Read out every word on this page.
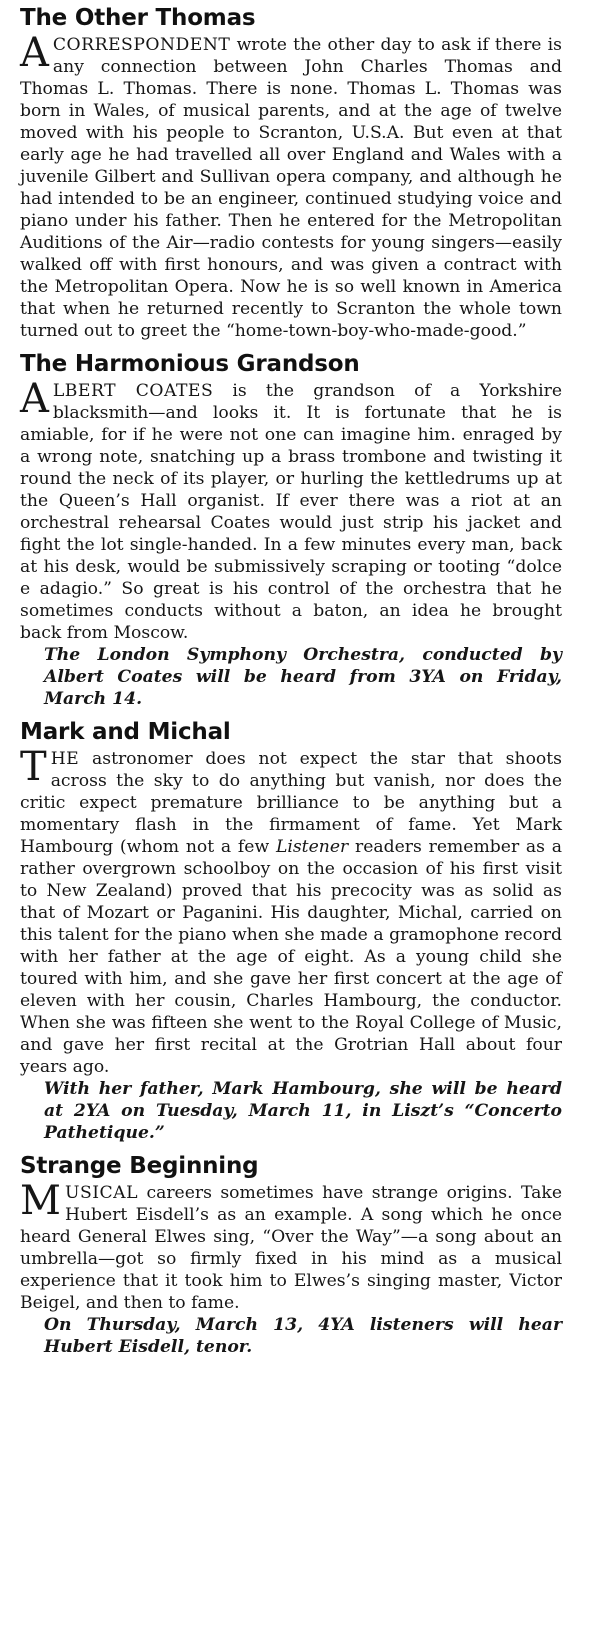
The Other Thomas

ACORRESPONDENT wrote the other day to ask if there is any connection between John Charles Thomas and Thomas L. Thomas. There is none. Thomas L. Thomas was born in Wales, of musical parents, and at the age of twelve moved with his people to Scranton, U.S.A. But even at that early age he had travelled all over England and Wales with a juvenile Gilbert and Sullivan opera company, and although he had intended to be an engineer, continued studying voice and piano under his father. Then he entered for the Metropolitan Auditions of the Air—radio contests for young singers—easily walked off with first honours, and was given a contract with the Metropolitan Opera. Now he is so well known in America that when he returned recently to Scranton the whole town turned out to greet the “home-town-boy-who-made-good.”

The Harmonious Grandson

ALBERT COATES is the grandson of a Yorkshire blacksmith—and looks it. It is fortunate that he is amiable, for if he were not one can imagine him. enraged by a wrong note, snatching up a brass trombone and twisting it round the neck of its player, or hurling the kettledrums up at the Queen’s Hall organist. If ever there was a riot at an orchestral rehearsal Coates would just strip his jacket and fight the lot single-handed. In a few minutes every man, back at his desk, would be submissively scraping or tooting “dolce e adagio.” So great is his control of the orchestra that he sometimes conducts without a baton, an idea he brought back from Moscow.

The London Symphony Orchestra, conducted by Albert Coates will be heard from 3YA on Friday, March 14.

Mark and Michal

THE astronomer does not expect the star that shoots across the sky to do anything but vanish, nor does the critic expect premature brilliance to be anything but a momentary flash in the firmament of fame. Yet Mark Hambourg (whom not a few Listener readers remember as a rather overgrown schoolboy on the occasion of his first visit to New Zealand) proved that his precocity was as solid as that of Mozart or Paganini. His daughter, Michal, carried on this talent for the piano when she made a gramophone record with her father at the age of eight. As a young child she toured with him, and she gave her first concert at the age of eleven with her cousin, Charles Hambourg, the conductor. When she was fifteen she went to the Royal College of Music, and gave her first recital at the Grotrian Hall about four years ago.

With her father, Mark Hambourg, she will be heard at 2YA on Tuesday, March 11, in Liszt’s “Concerto Pathetique.”

Strange Beginning

MUSICAL careers sometimes have strange origins. Take Hubert Eisdell’s as an example. A song which he once heard General Elwes sing, “Over the Way”—a song about an umbrella—got so firmly fixed in his mind as a musical experience that it took him to Elwes’s singing master, Victor Beigel, and then to fame.

On Thursday, March 13, 4YA listeners will hear Hubert Eisdell, tenor.
